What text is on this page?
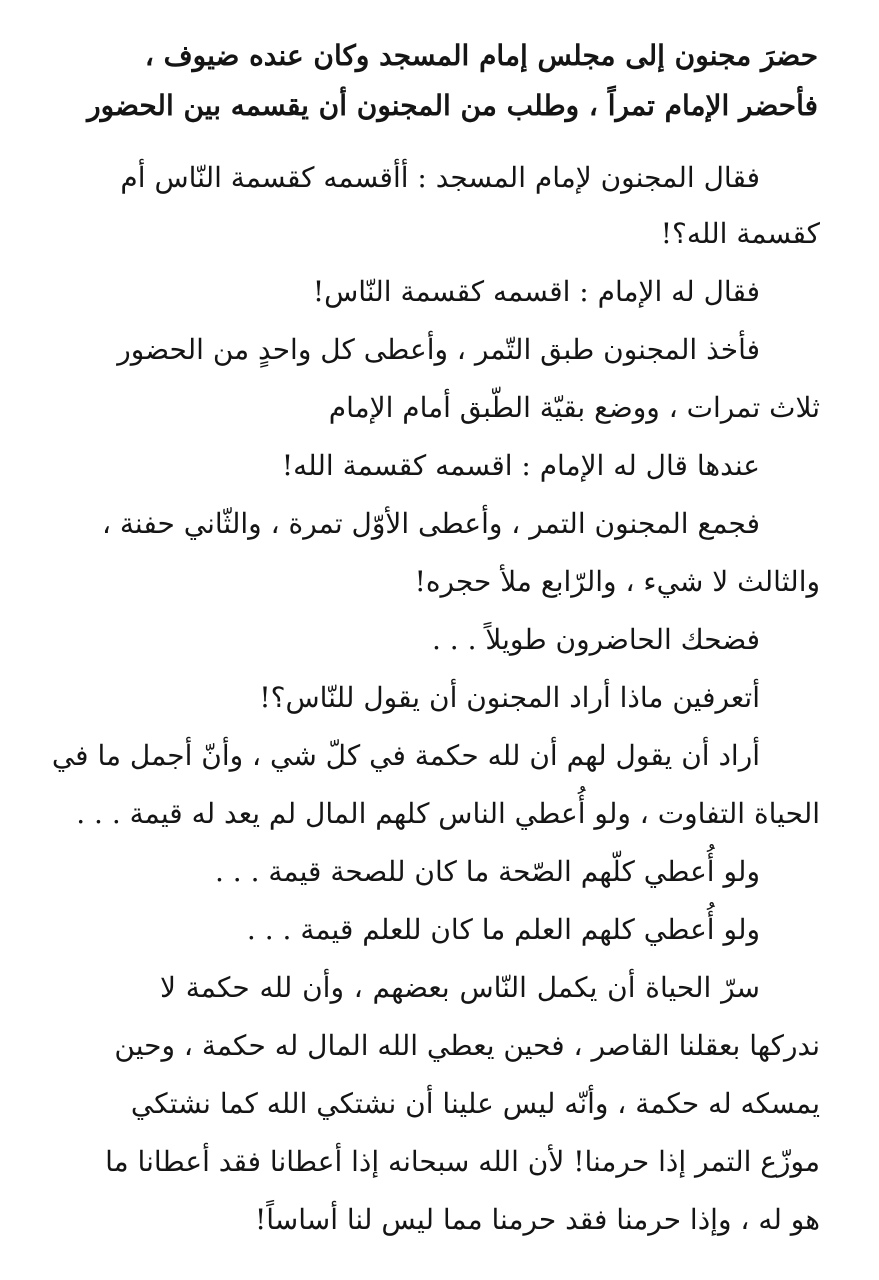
حضرَ مجنون إلى مجلس إمام المسجد وكان عنده ضيوف ،
فأحضر الإمام تمراً ، وطلب من المجنون أن يقسمه بين الحضور
فقال المجنون لإمام المسجد : أأقسمه كقسمة النّاس أم
كقسمة الله؟!
فقال له الإمام : اقسمه كقسمة النّاس!
فأخذ المجنون طبق التّمر ، وأعطى كل واحدٍ من الحضور
ثلاث تمرات ، ووضع بقيّة الطّبق أمام الإمام
عندها قال له الإمام : اقسمه كقسمة الله!
فجمع المجنون التمر ، وأعطى الأوّل تمرة ، والثّاني حفنة ،
والثالث لا شيء ، والرّابع ملأ حجره!
فضحك الحاضرون طويلاً . . .
أتعرفين ماذا أراد المجنون أن يقول للنّاس؟!
أراد أن يقول لهم أن لله حكمة في كلّ شي ، وأنّ أجمل ما في
الحياة التفاوت ، ولو أُعطي الناس كلهم المال لم يعد له قيمة . . .
ولو أُعطي كلّهم الصّحة ما كان للصحة قيمة . . .
ولو أُعطي كلهم العلم ما كان للعلم قيمة . . .
سرّ الحياة أن يكمل النّاس بعضهم ، وأن لله حكمة لا
ندركها بعقلنا القاصر ، فحين يعطي الله المال له حكمة ، وحين
يمسكه له حكمة ، وأنّه ليس علينا أن نشتكي الله كما نشتكي
موزّع التمر إذا حرمنا! لأن الله سبحانه إذا أعطانا فقد أعطانا ما
هو له ، وإذا حرمنا فقد حرمنا مما ليس لنا أساساً!
